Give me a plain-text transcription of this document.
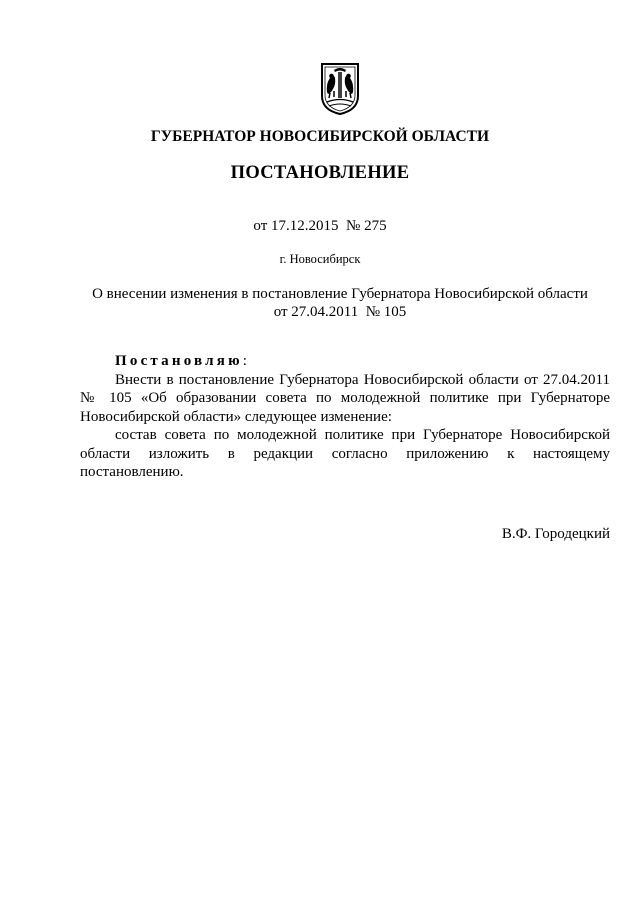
ГУБЕРНАТОР НОВОСИБИРСКОЙ ОБЛАСТИ
ПОСТАНОВЛЕНИЕ
от 17.12.2015  № 275
г. Новосибирск
О внесении изменения в постановление Губернатора Новосибирской области
от 27.04.2011  № 105

Постановляю:

Внести в постановление Губернатора Новосибирской области от 27.04.2011 № 105 «Об образовании совета по молодежной политике при Губернаторе Новосибирской области» следующее изменение:

состав совета по молодежной политике при Губернаторе Новосибирской области изложить в редакции согласно приложению к настоящему постановлению.

В.Ф. Городецкий
